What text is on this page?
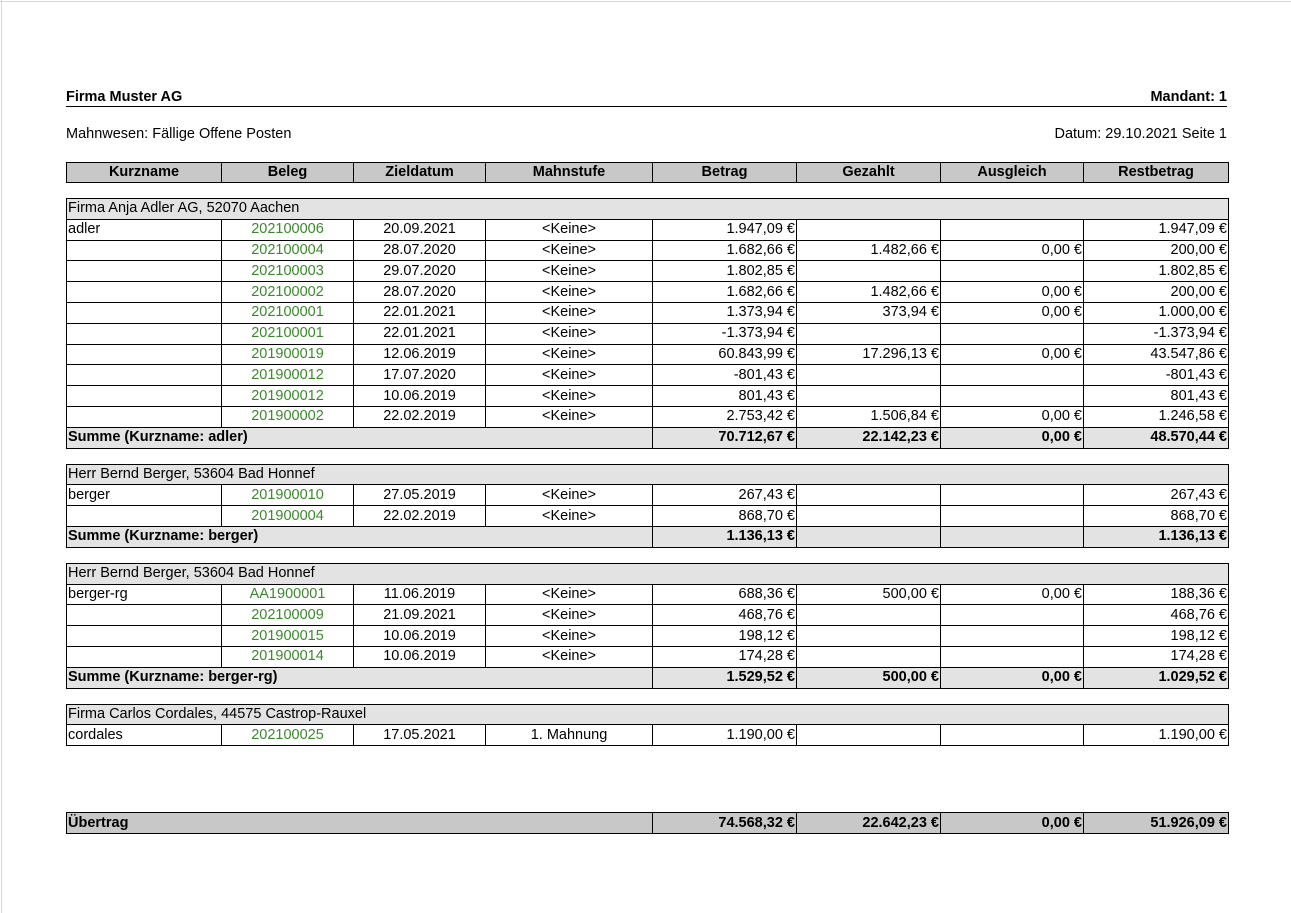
Firma Muster AG	Mandant: 1
Mahnwesen: Fällige Offene Posten	Datum: 29.10.2021 Seite 1
Kurzname	Beleg	Zieldatum	Mahnstufe	Betrag	Gezahlt	Ausgleich	Restbetrag

Firma Anja Adler AG, 52070 Aachen							
adler	202100006	20.09.2021	<Keine>	1.947,09 €			1.947,09 €
	202100004	28.07.2020	<Keine>	1.682,66 €	1.482,66 €	0,00 €	200,00 €
	202100003	29.07.2020	<Keine>	1.802,85 €			1.802,85 €
	202100002	28.07.2020	<Keine>	1.682,66 €	1.482,66 €	0,00 €	200,00 €
	202100001	22.01.2021	<Keine>	1.373,94 €	373,94 €	0,00 €	1.000,00 €
	202100001	22.01.2021	<Keine>	-1.373,94 €			-1.373,94 €
	201900019	12.06.2019	<Keine>	60.843,99 €	17.296,13 €	0,00 €	43.547,86 €
	201900012	17.07.2020	<Keine>	-801,43 €			-801,43 €
	201900012	10.06.2019	<Keine>	801,43 €			801,43 €
	201900002	22.02.2019	<Keine>	2.753,42 €	1.506,84 €	0,00 €	1.246,58 €
Summe (Kurzname: adler)				70.712,67 €	22.142,23 €	0,00 €	48.570,44 €

Herr Bernd Berger, 53604 Bad Honnef							
berger	201900010	27.05.2019	<Keine>	267,43 €			267,43 €
	201900004	22.02.2019	<Keine>	868,70 €			868,70 €
Summe (Kurzname: berger)				1.136,13 €			1.136,13 €

Herr Bernd Berger, 53604 Bad Honnef							
berger-rg	AA1900001	11.06.2019	<Keine>	688,36 €	500,00 €	0,00 €	188,36 €
	202100009	21.09.2021	<Keine>	468,76 €			468,76 €
	201900015	10.06.2019	<Keine>	198,12 €			198,12 €
	201900014	10.06.2019	<Keine>	174,28 €			174,28 €
Summe (Kurzname: berger-rg)				1.529,52 €	500,00 €	0,00 €	1.029,52 €

Firma Carlos Cordales, 44575 Castrop-Rauxel							
cordales	202100025	17.05.2021	1. Mahnung	1.190,00 €			1.190,00 €

Übertrag				74.568,32 €	22.642,23 €	0,00 €	51.926,09 €
